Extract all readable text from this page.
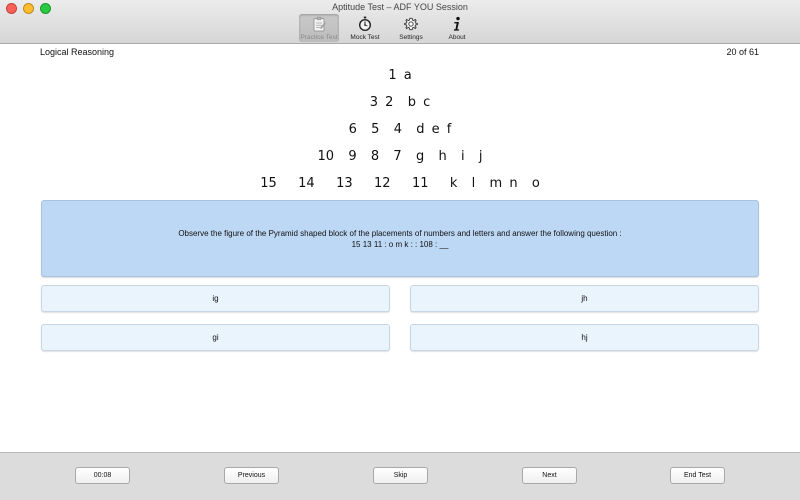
Aptitude Test – ADF YOU Session
Practice Test Mock Test	Settings	About
Logical Reasoning	20 of 61
1 a
3 2  b c
6  5  4  d e f
10  9  8  7  g  h  i  j
15   14   13   12   11   k  l  m n  o
Observe the figure of the Pyramid shaped block of the placements of numbers and letters and answer the following question :
15 13 11 : o m k : : 108 : __
ig	jh
gi	hj
00:08	Previous	Skip	Next	End Test
